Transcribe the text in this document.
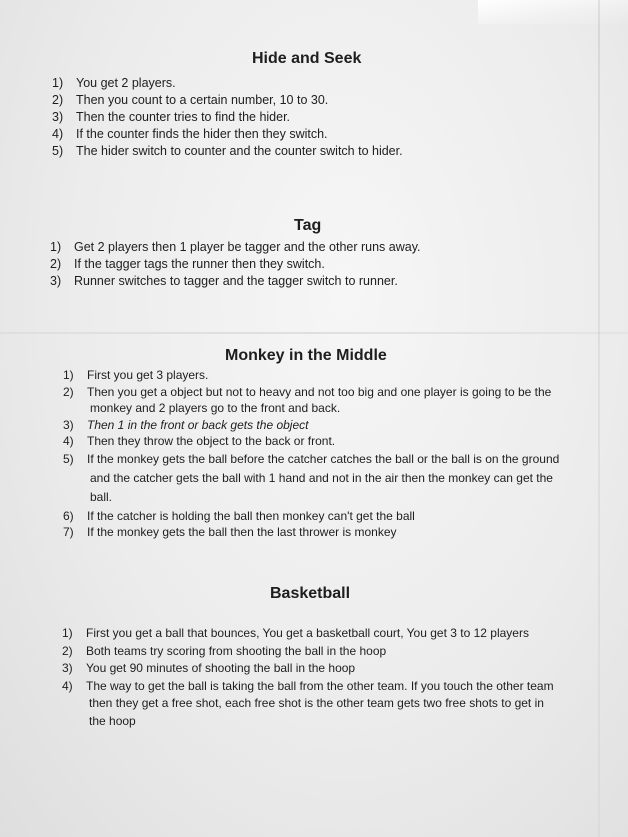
Hide and Seek
1) You get 2 players.
2) Then you count to a certain number, 10 to 30.
3) Then the counter tries to find the hider.
4) If the counter finds the hider then they switch.
5) The hider switch to counter and the counter switch to hider.
Tag
1) Get 2 players then 1 player be tagger and the other runs away.
2) If the tagger tags the runner then they switch.
3) Runner switches to tagger and the tagger switch to runner.
Monkey in the Middle
1) First you get 3 players.
2) Then you get a object but not to heavy and not too big and one player is going to be the
monkey and 2 players go to the front and back.
3) Then 1 in the front or back gets the object
4) Then they throw the object to the back or front.
5) If the monkey gets the ball before the catcher catches the ball or the ball is on the ground
and the catcher gets the ball with 1 hand and not in the air then the monkey can get the
ball.
6) If the catcher is holding the ball then monkey can't get the ball
7) If the monkey gets the ball then the last thrower is monkey
Basketball
1) First you get a ball that bounces, You get a basketball court, You get 3 to 12 players
2) Both teams try scoring from shooting the ball in the hoop
3) You get 90 minutes of shooting the ball in the hoop
4) The way to get the ball is taking the ball from the other team. If you touch the other team
then they get a free shot, each free shot is the other team gets two free shots to get in
the hoop
